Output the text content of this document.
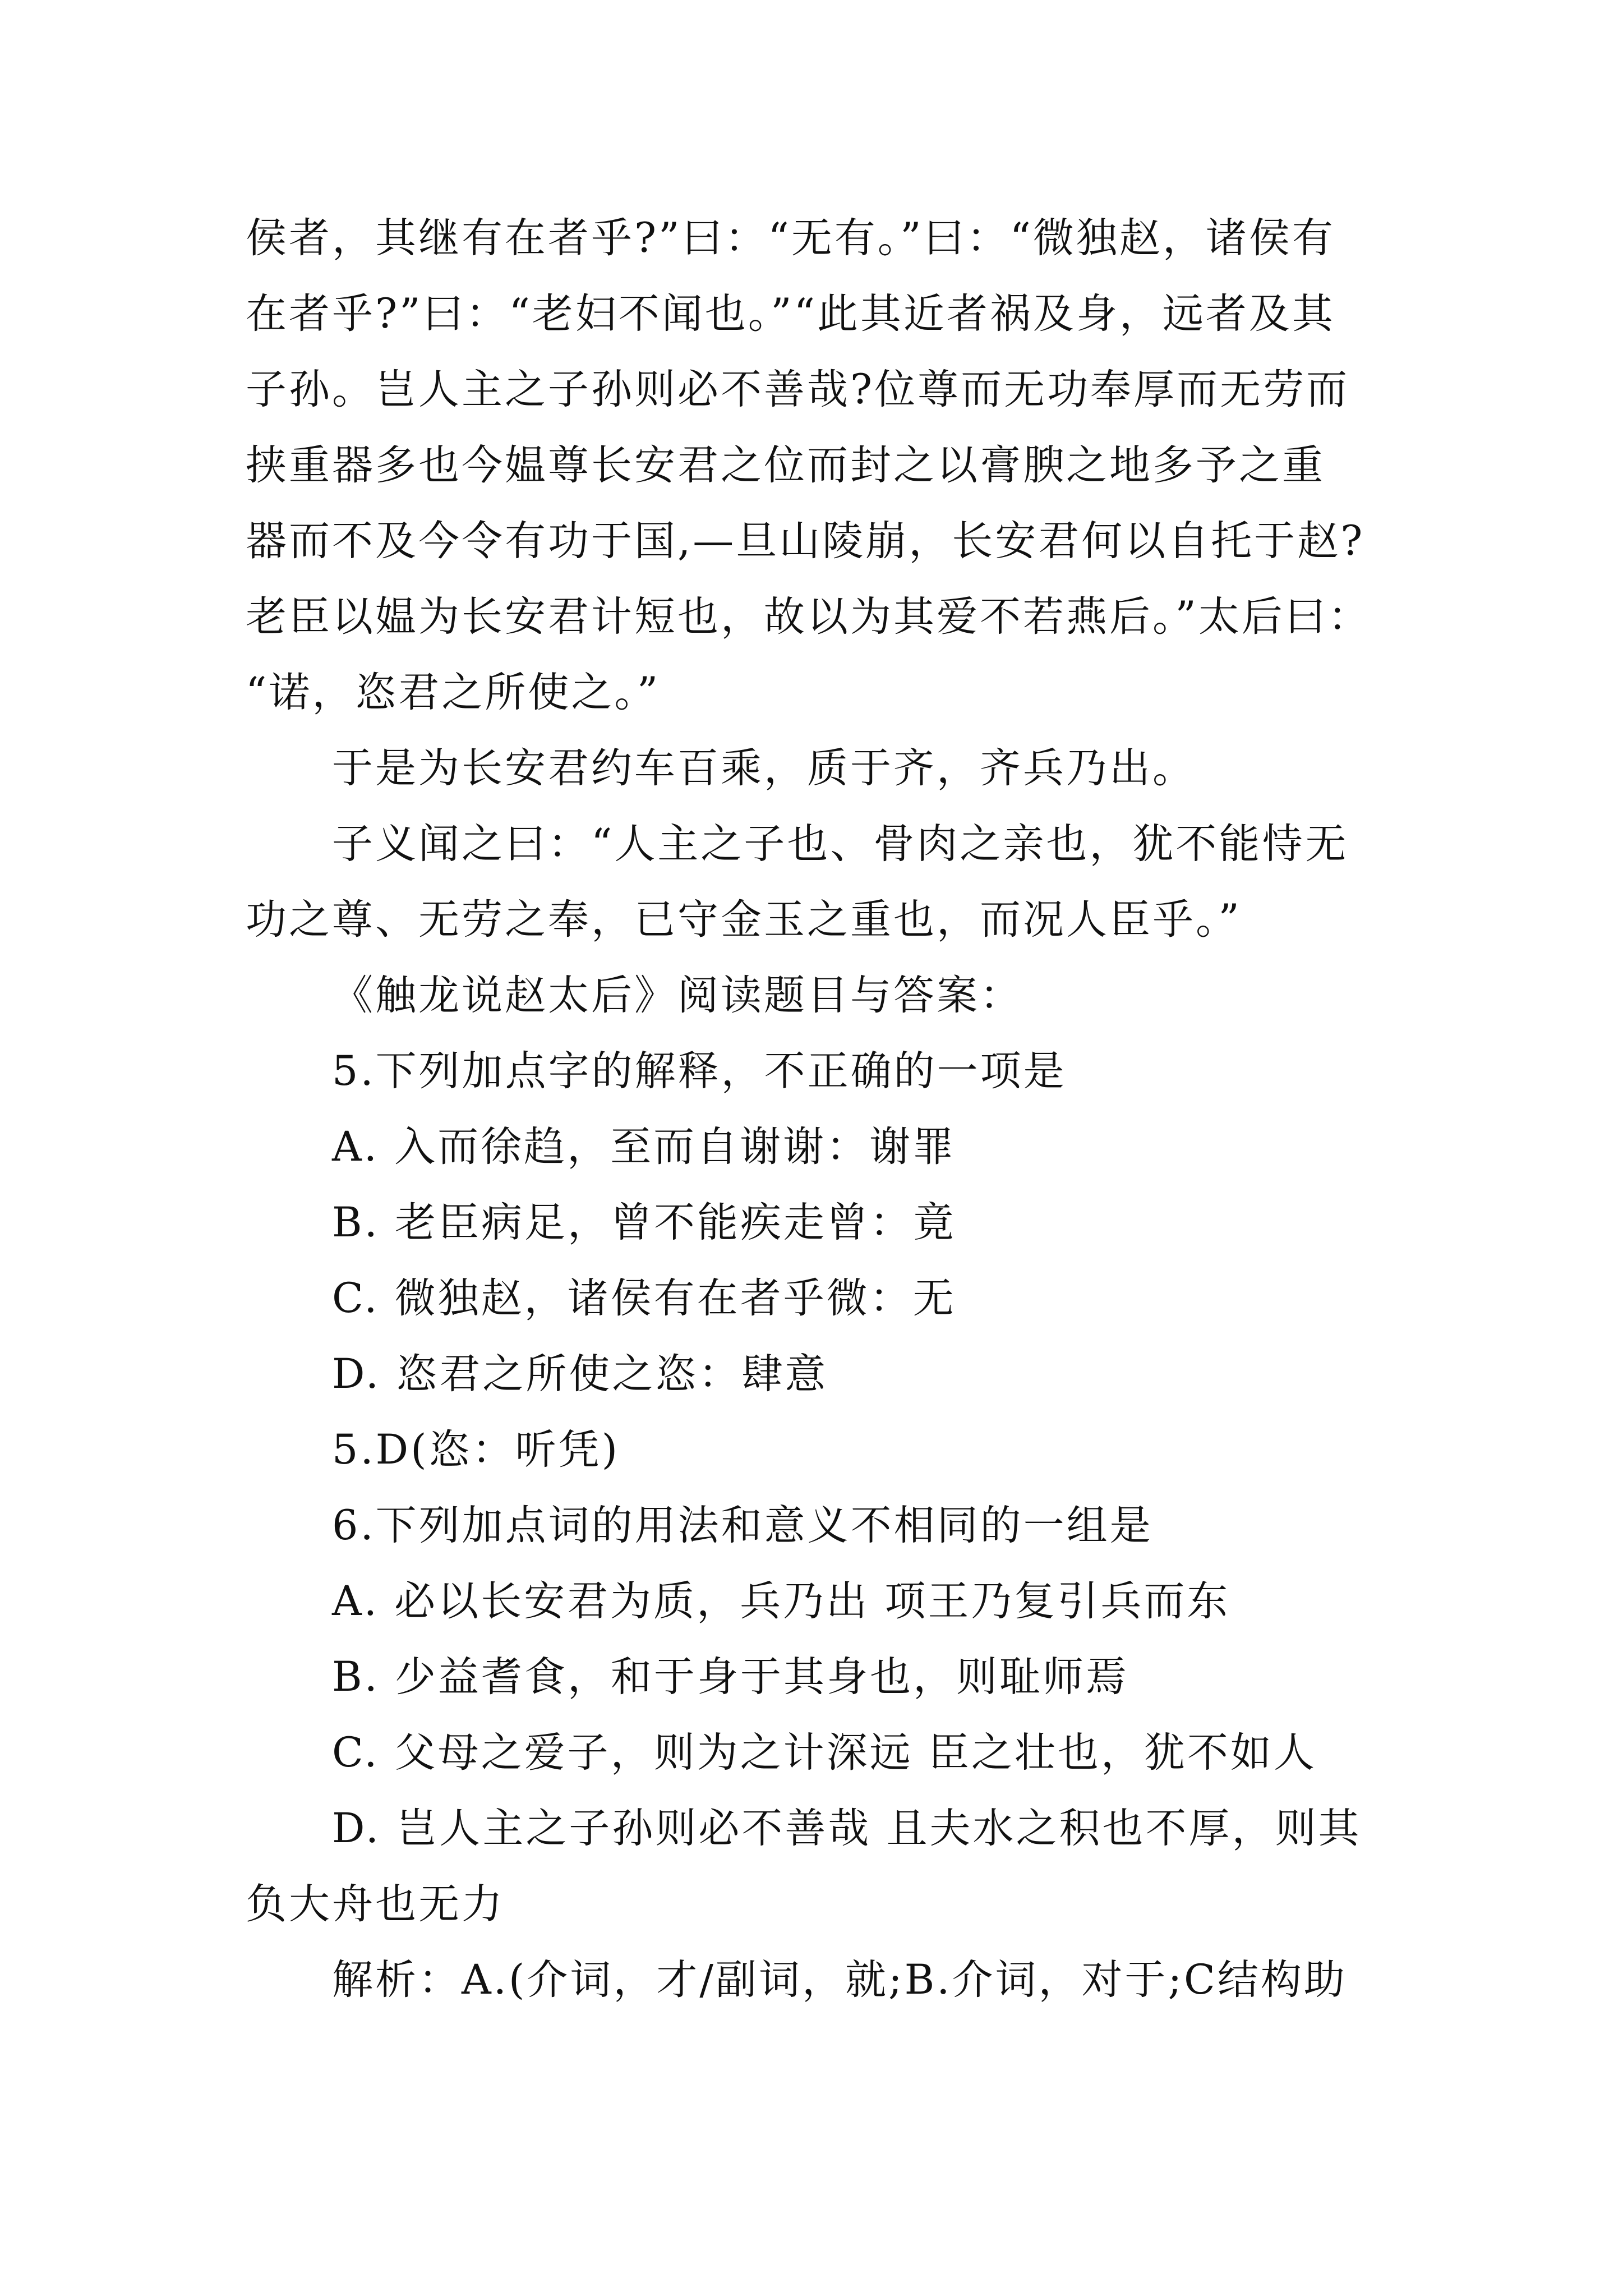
侯者，其继有在者乎?”曰：“无有。”曰：“微独赵，诸侯有
在者乎?”曰：“老妇不闻也。”“此其近者祸及身，远者及其
子孙。岂人主之子孙则必不善哉?位尊而无功奉厚而无劳而
挟重器多也今媪尊长安君之位而封之以膏腴之地多予之重
器而不及今令有功于国,—旦山陵崩，长安君何以自托于赵?
老臣以媪为长安君计短也，故以为其爱不若燕后。”太后曰：
“诺，恣君之所使之。”
于是为长安君约车百乘，质于齐，齐兵乃出。
子义闻之曰：“人主之子也、骨肉之亲也，犹不能恃无
功之尊、无劳之奉，已守金玉之重也，而况人臣乎。”
《触龙说赵太后》阅读题目与答案：
5.下列加点字的解释，不正确的一项是
A. 入而徐趋，至而自谢谢：谢罪
B. 老臣病足，曾不能疾走曾：竟
C. 微独赵，诸侯有在者乎微：无
D. 恣君之所使之恣：肆意
5.D(恣：听凭)
6.下列加点词的用法和意义不相同的一组是
A. 必以长安君为质，兵乃出 项王乃复引兵而东
B. 少益耆食，和于身于其身也，则耻师焉
C. 父母之爱子，则为之计深远 臣之壮也，犹不如人
D. 岂人主之子孙则必不善哉 且夫水之积也不厚，则其
负大舟也无力
解析：A.(介词，才/副词，就;B.介词，对于;C结构助
